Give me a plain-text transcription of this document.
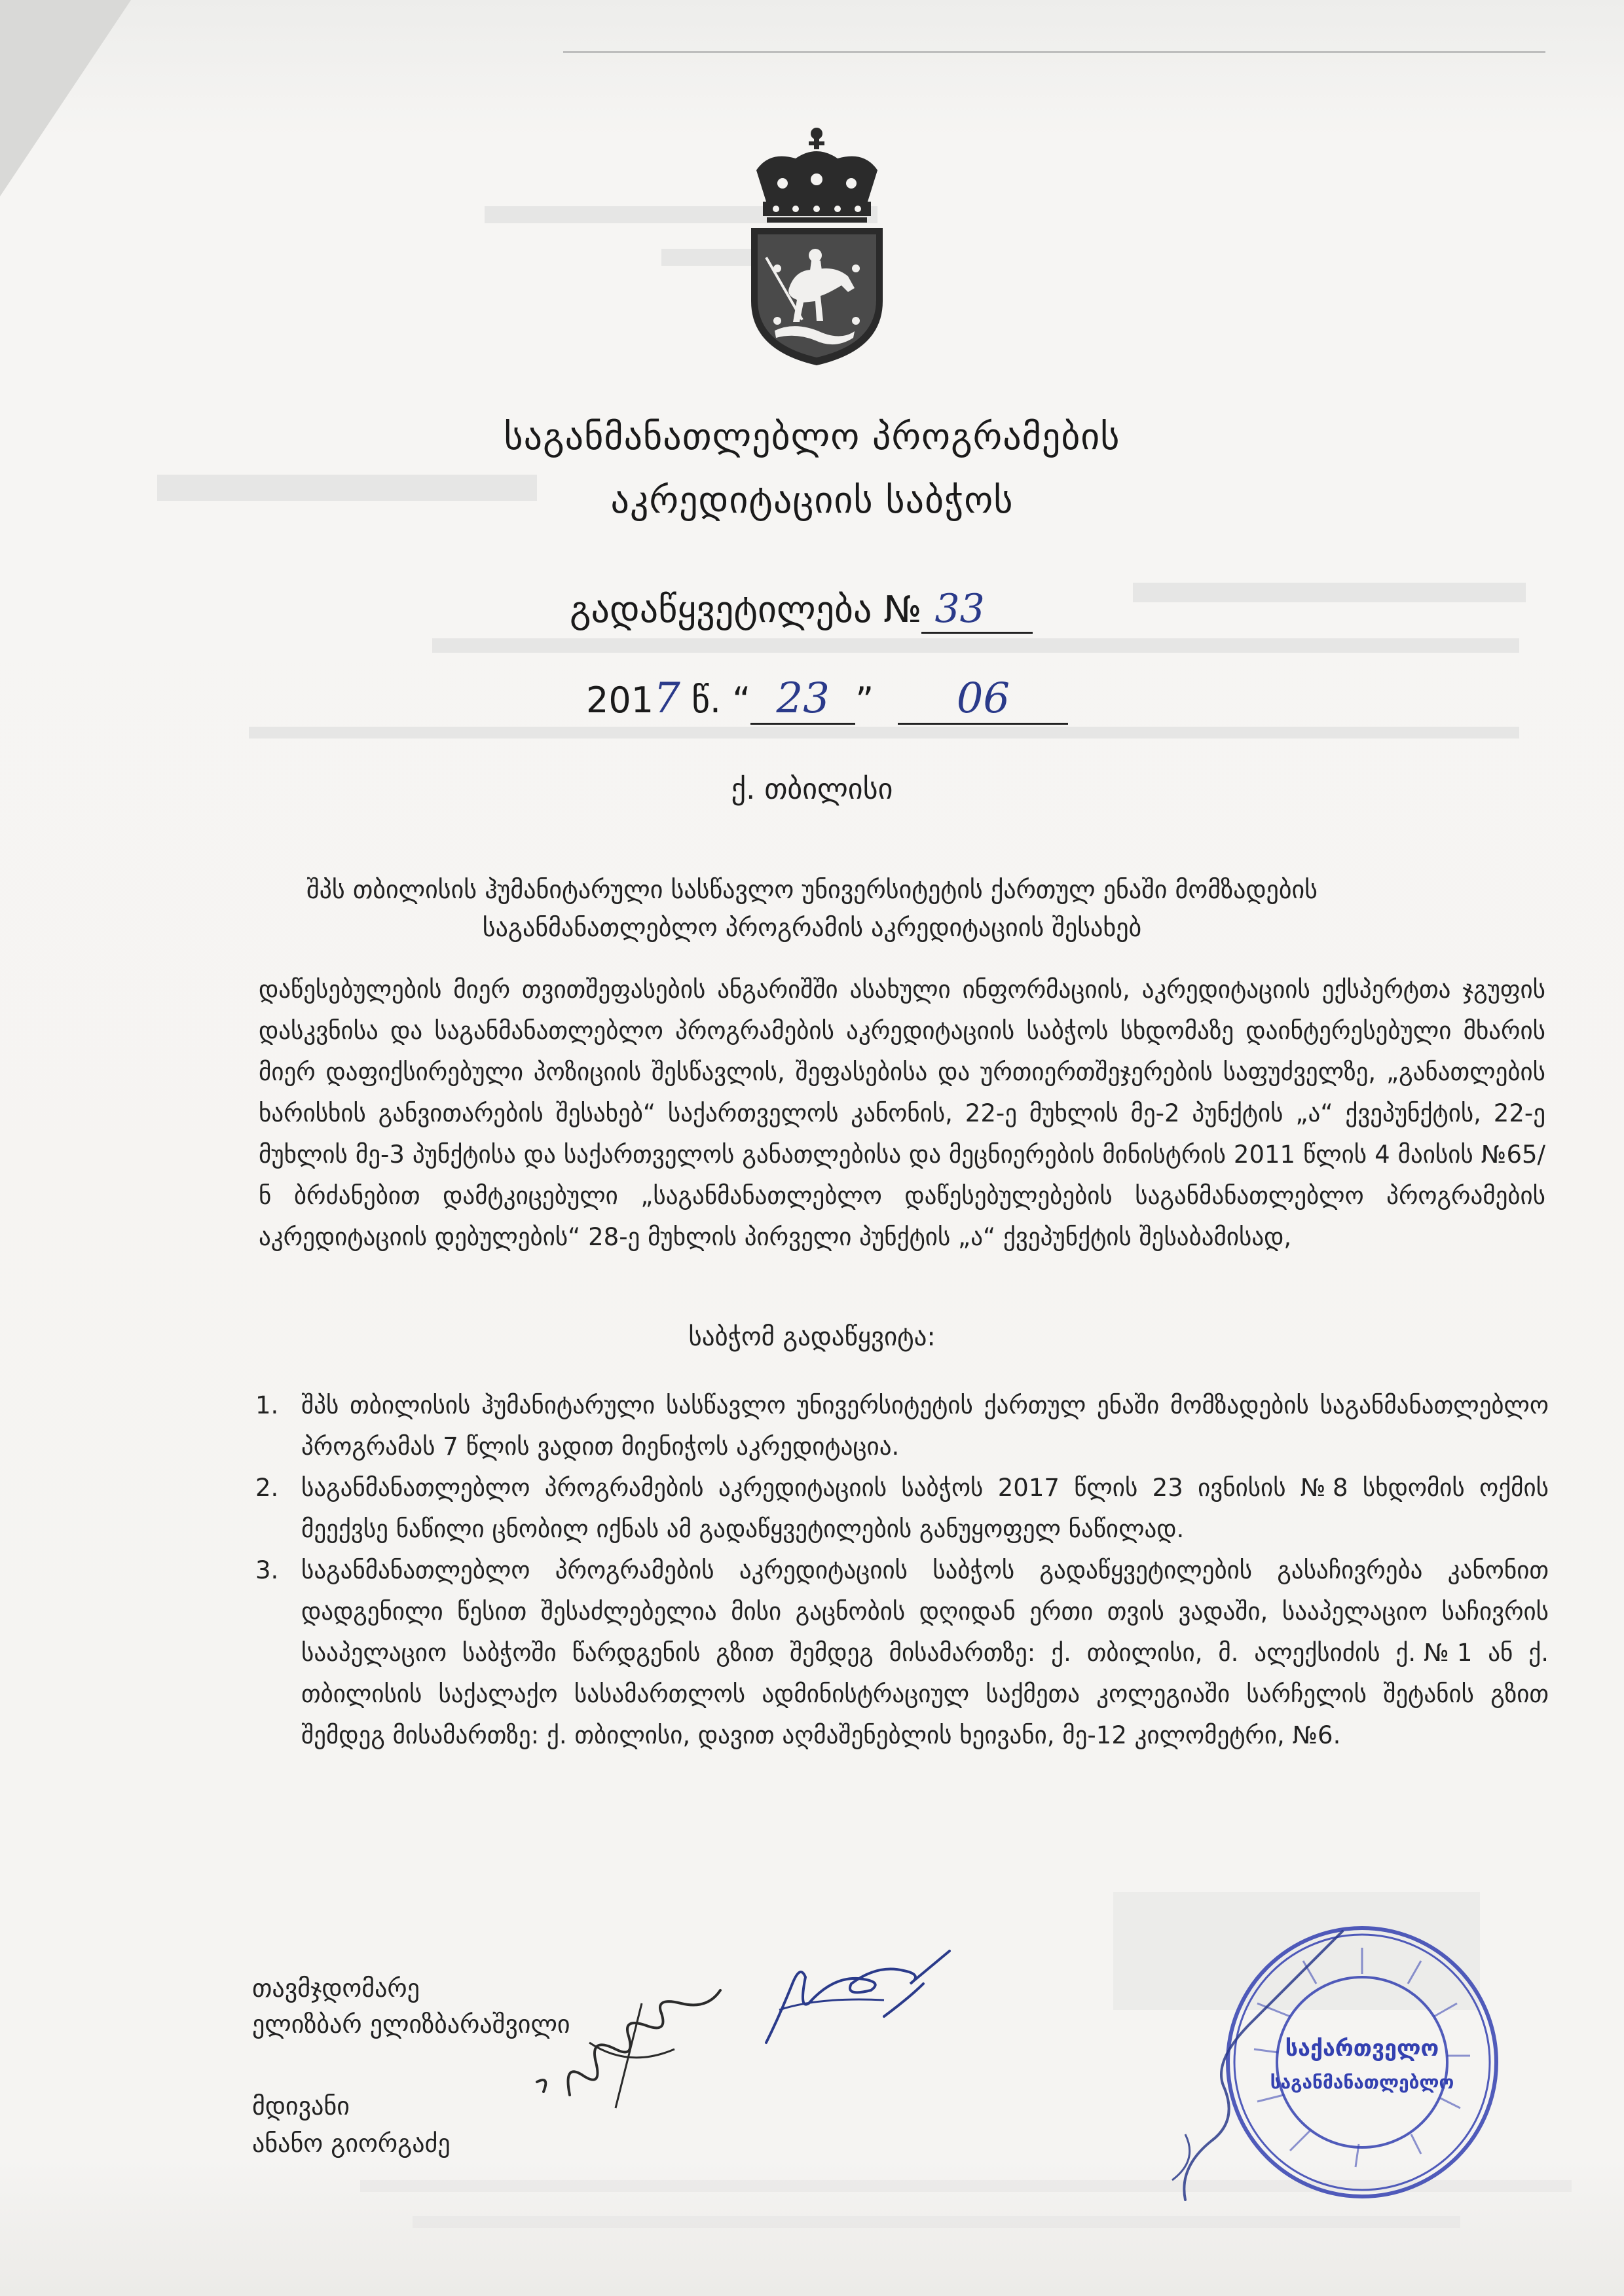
საგანმანათლებლო პროგრამების
აკრედიტაციის საბჭოს
გადაწყვეტილება № 33
2017 წ. “ 23 ” 06
ქ. თბილისი
შპს თბილისის ჰუმანიტარული სასწავლო უნივერსიტეტის ქართულ ენაში მომზადების
საგანმანათლებლო პროგრამის აკრედიტაციის შესახებ
დაწესებულების მიერ თვითშეფასების ანგარიშში ასახული ინფორმაციის, აკრედიტაციის ექსპერტთა ჯგუფის დასკვნისა და საგანმანათლებლო პროგრამების აკრედიტაციის საბჭოს სხდომაზე დაინტერესებული მხარის მიერ დაფიქსირებული პოზიციის შესწავლის, შეფასებისა და ურთიერთშეჯერების საფუძველზე, „განათლების ხარისხის განვითარების შესახებ“ საქართველოს კანონის, 22-ე მუხლის მე-2 პუნქტის „ა“ ქვეპუნქტის, 22-ე მუხლის მე-3 პუნქტისა და საქართველოს განათლებისა და მეცნიერების მინისტრის 2011 წლის 4 მაისის №65/ნ ბრძანებით დამტკიცებული „საგანმანათლებლო დაწესებულებების საგანმანათლებლო პროგრამების აკრედიტაციის დებულების“ 28-ე მუხლის პირველი პუნქტის „ა“ ქვეპუნქტის შესაბამისად,
საბჭომ გადაწყვიტა:
1. შპს თბილისის ჰუმანიტარული სასწავლო უნივერსიტეტის ქართულ ენაში მომზადების საგანმანათლებლო პროგრამას 7 წლის ვადით მიენიჭოს აკრედიტაცია.
2. საგანმანათლებლო პროგრამების აკრედიტაციის საბჭოს 2017 წლის 23 ივნისის №8 სხდომის ოქმის მეექვსე ნაწილი ცნობილ იქნას ამ გადაწყვეტილების განუყოფელ ნაწილად.
3. საგანმანათლებლო პროგრამების აკრედიტაციის საბჭოს გადაწყვეტილების გასაჩივრება კანონით დადგენილი წესით შესაძლებელია მისი გაცნობის დღიდან ერთი თვის ვადაში, სააპელაციო საჩივრის სააპელაციო საბჭოში წარდგენის გზით შემდეგ მისამართზე: ქ. თბილისი, მ. ალექსიძის ქ.№1 ან ქ. თბილისის საქალაქო სასამართლოს ადმინისტრაციულ საქმეთა კოლეგიაში სარჩელის შეტანის გზით შემდეგ მისამართზე: ქ. თბილისი, დავით აღმაშენებლის ხეივანი, მე-12 კილომეტრი, №6.
თავმჯდომარე
ელიზბარ ელიზბარაშვილი
მდივანი
ანანო გიორგაძე
საქართველო
საგანმანათლებლო
